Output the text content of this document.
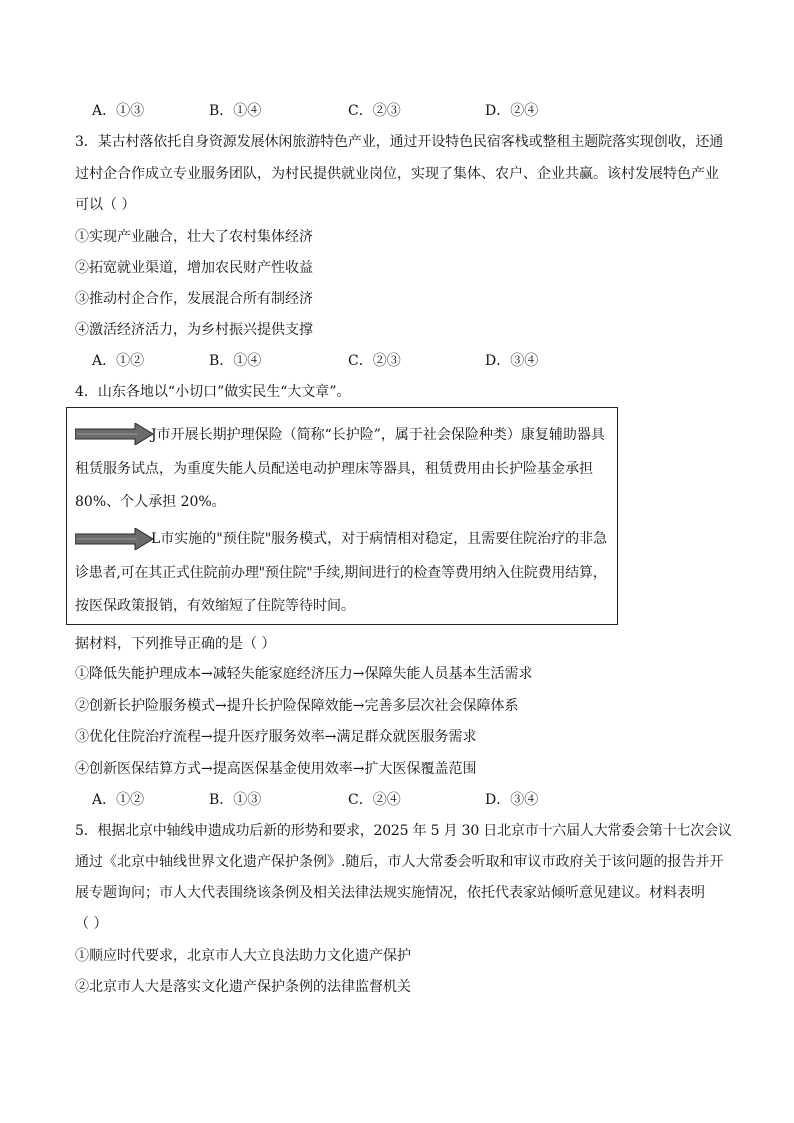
A．①③	B．①④	C．②③	D．②④
3．某古村落依托自身资源发展休闲旅游特色产业，通过开设特色民宿客栈或整租主题院落实现创收，还通
过村企合作成立专业服务团队，为村民提供就业岗位，实现了集体、农户、企业共赢。该村发展特色产业
可以（ ）
①实现产业融合，壮大了农村集体经济
②拓宽就业渠道，增加农民财产性收益
③推动村企合作，发展混合所有制经济
④激活经济活力，为乡村振兴提供支撑
A．①②	B．①④	C．②③	D．③④
4．山东各地以“小切口”做实民生“大文章”。
J市开展长期护理保险（简称“长护险”，属于社会保险种类）康复辅助器具
租赁服务试点，为重度失能人员配送电动护理床等器具，租赁费用由长护险基金承担
80%、个人承担 20%。
L市实施的"预住院"服务模式，对于病情相对稳定，且需要住院治疗的非急
诊患者,可在其正式住院前办理"预住院"手续,期间进行的检查等费用纳入住院费用结算，
按医保政策报销，有效缩短了住院等待时间。
据材料，下列推导正确的是（ ）
①降低失能护理成本→减轻失能家庭经济压力→保障失能人员基本生活需求
②创新长护险服务模式→提升长护险保障效能→完善多层次社会保障体系
③优化住院治疗流程→提升医疗服务效率→满足群众就医服务需求
④创新医保结算方式→提高医保基金使用效率→扩大医保覆盖范围
A．①②	B．①③	C．②④	D．③④
5．根据北京中轴线申遗成功后新的形势和要求，2025 年 5 月 30 日北京市十六届人大常委会第十七次会议
通过《北京中轴线世界文化遗产保护条例》.随后，市人大常委会听取和审议市政府关于该问题的报告并开
展专题询问；市人大代表围绕该条例及相关法律法规实施情况，依托代表家站倾听意见建议。材料表明
（ ）
①顺应时代要求，北京市人大立良法助力文化遗产保护
②北京市人大是落实文化遗产保护条例的法律监督机关
